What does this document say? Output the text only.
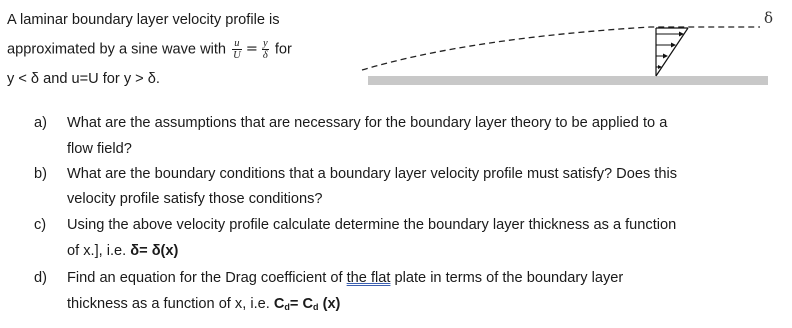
A laminar boundary layer velocity profile is
approximated by a sine wave with $\frac{u}{U} = \frac{y}{\delta}$ for
y < δ and u=U for y > δ.
δ
a) What are the assumptions that are necessary for the boundary layer theory to be applied to a
flow field?
b) What are the boundary conditions that a boundary layer velocity profile must satisfy? Does this
velocity profile satisfy those conditions?
c) Using the above velocity profile calculate determine the boundary layer thickness as a function
of x.], i.e. δ= δ(x)
d) Find an equation for the Drag coefficient of the flat plate in terms of the boundary layer
thickness as a function of x, i.e. $C_d= C_d$ (x)
